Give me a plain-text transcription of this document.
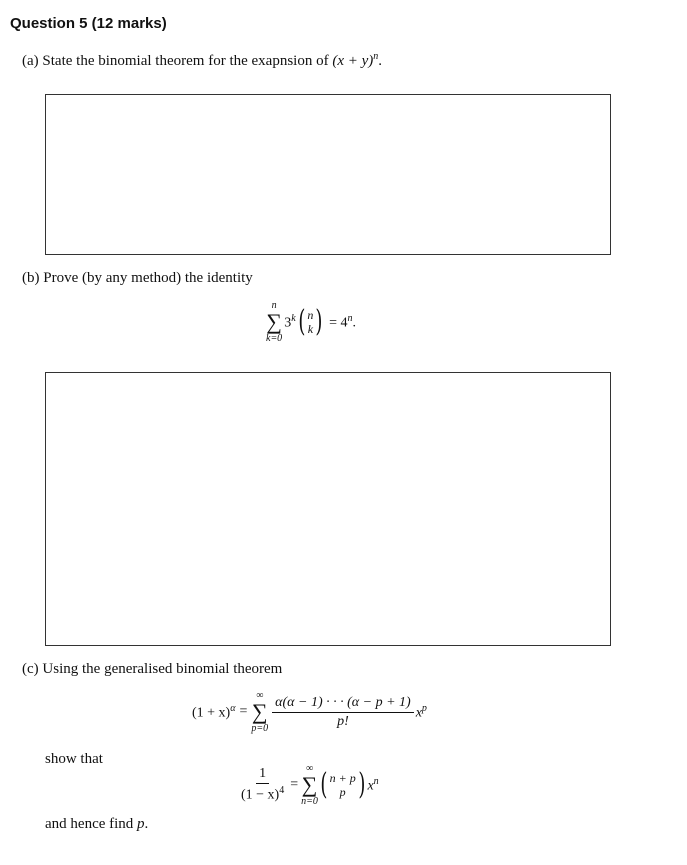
Question 5 (12 marks)
(a) State the binomial theorem for the exapnsion of $(x + y)^n$.
(b) Prove (by any method) the identity
n
∑
k=0
3$^k$ ( n
k ) = $4^n$.
(c) Using the generalised binomial theorem
$(1 + x)^\alpha$ =
∞
∑
$p=0 \frac{\alpha(\alpha - 1) \cdot \cdot \cdot (\alpha - p + 1)}{p!} x^p$
show that
$\frac{1}{(1 - x)^4}$ =
∞
∑
n=0 ( n + p
p ) $x^n$
and hence find p.
